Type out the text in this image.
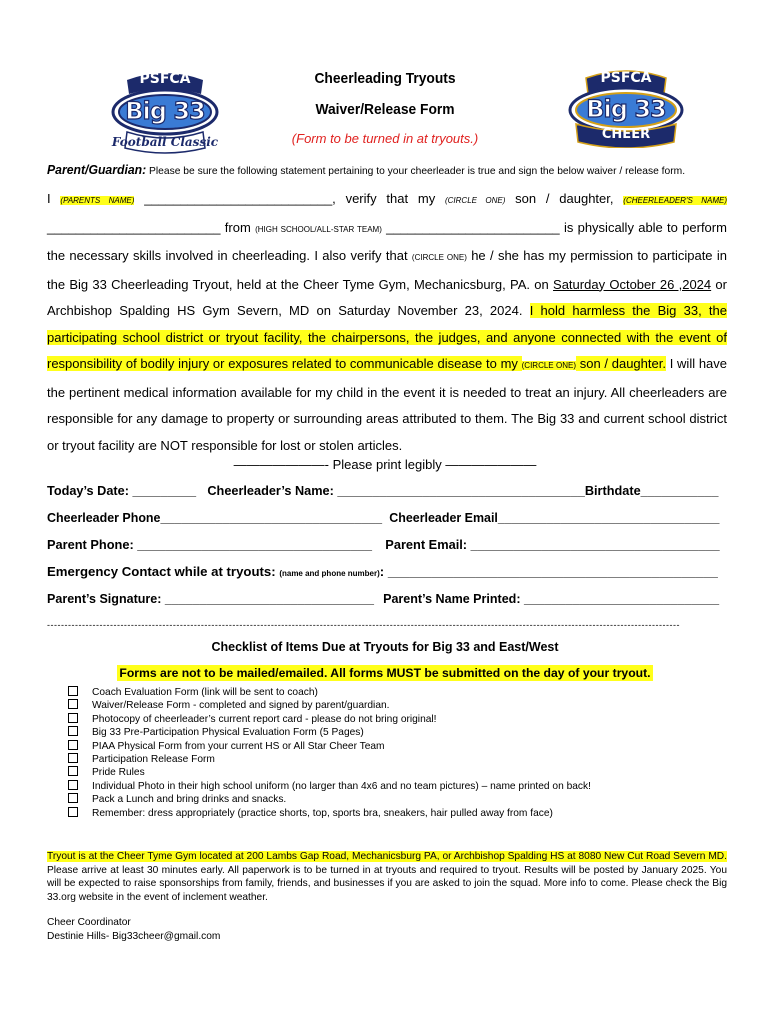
PSFCA
Big 33
Football Classic
PSFCA
Big 33
CHEER
Cheerleading Tryouts
Waiver/Release Form
(Form to be turned in at tryouts.)
Parent/Guardian: Please be sure the following statement pertaining to your cheerleader is true and sign the below waiver / release form.
I (PARENTS NAME) __________________________, verify that my (CIRCLE ONE) son / daughter, (CHEERLEADER'S NAME) ________________________ from (HIGH SCHOOL/ALL-STAR TEAM) ________________________ is physically able to perform the necessary skills involved in cheerleading. I also verify that (CIRCLE ONE) he / she has my permission to participate in the Big 33 Cheerleading Tryout, held at the Cheer Tyme Gym, Mechanicsburg, PA. on Saturday October 26 ,2024 or Archbishop Spalding HS Gym Severn, MD on Saturday November 23, 2024. I hold harmless the Big 33, the participating school district or tryout facility, the chairpersons, the judges, and anyone connected with the event of responsibility of bodily injury or exposures related to communicable disease to my (CIRCLE ONE) son / daughter. I will have the pertinent medical information available for my child in the event it is needed to treat an injury. All cheerleaders are responsible for any damage to property or surrounding areas attributed to them. The Big 33 and current school district or tryout facility are NOT responsible for lost or stolen articles.
———————- Please print legibly ———————
Today’s Date: _________ Cheerleader’s Name: ___________________________________Birthdate___________
Cheerleader Phone________________________________ Cheerleader Email________________________________
Parent Phone: _________________________________ Parent Email: ___________________________________
Emergency Contact while at tryouts: (name and phone number): _____________________________________________
Parent’s Signature: ______________________________ Parent’s Name Printed: ____________________________
-------------------------------------------------------------------------------------------------------------------------------------------------------------------------------------
Checklist of Items Due at Tryouts for Big 33 and East/West
Forms are not to be mailed/emailed. All forms MUST be submitted on the day of your tryout.
Coach Evaluation Form (link will be sent to coach)
Waiver/Release Form - completed and signed by parent/guardian.
Photocopy of cheerleader’s current report card - please do not bring original!
Big 33 Pre-Participation Physical Evaluation Form (5 Pages)
PIAA Physical Form from your current HS or All Star Cheer Team
Participation Release Form
Pride Rules
Individual Photo in their high school uniform (no larger than 4x6 and no team pictures) – name printed on back!
Pack a Lunch and bring drinks and snacks.
Remember: dress appropriately (practice shorts, top, sports bra, sneakers, hair pulled away from face)
Tryout is at the Cheer Tyme Gym located at 200 Lambs Gap Road, Mechanicsburg PA, or Archbishop Spalding HS at 8080 New Cut Road Severn MD. Please arrive at least 30 minutes early. All paperwork is to be turned in at tryouts and required to tryout. Results will be posted by January 2025. You will be expected to raise sponsorships from family, friends, and businesses if you are asked to join the squad. More info to come. Please check the Big 33.org website in the event of inclement weather.
Cheer Coordinator
Destinie Hills- Big33cheer@gmail.com
